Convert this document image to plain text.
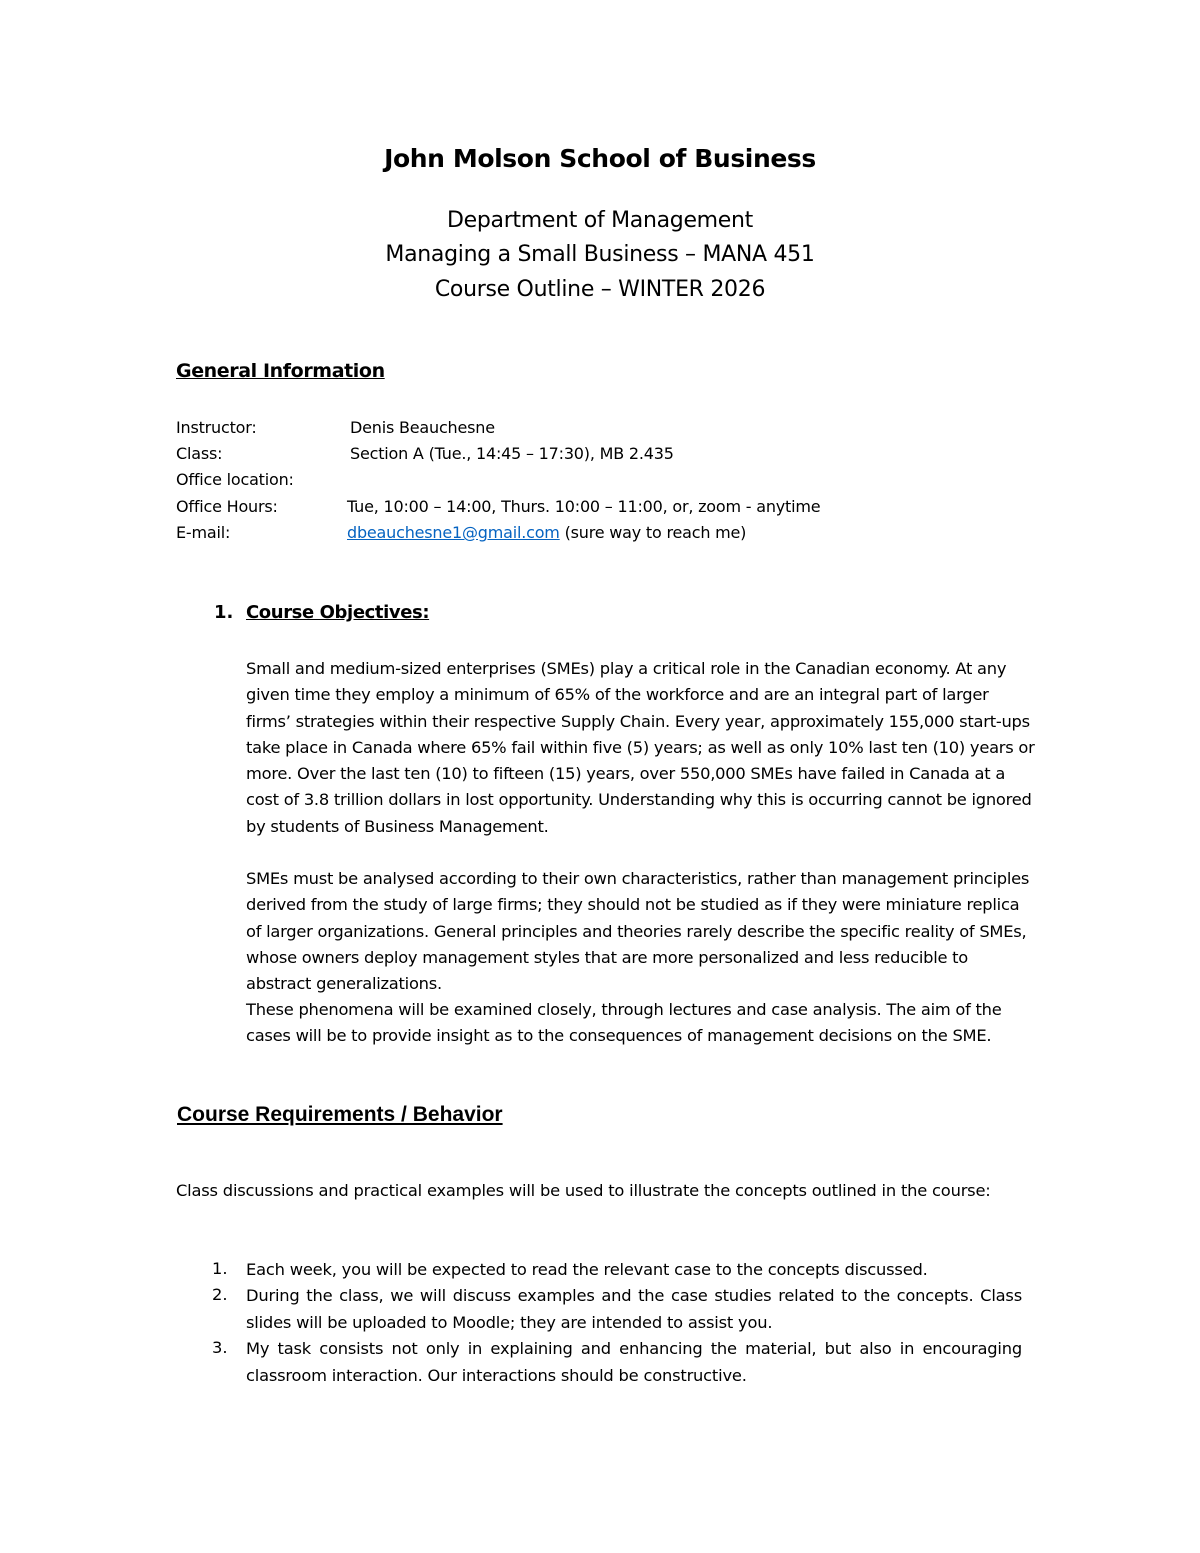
John Molson School of Business
Department of Management
Managing a Small Business – MANA 451
Course Outline – WINTER 2026
General Information
Instructor:	Denis Beauchesne
Class:	Section A (Tue., 14:45 – 17:30), MB 2.435
Office location:
Office Hours:	Tue, 10:00 – 14:00, Thurs. 10:00 – 11:00, or, zoom - anytime
E-mail:	dbeauchesne1@gmail.com (sure way to reach me)
1. Course Objectives:

Small and medium-sized enterprises (SMEs) play a critical role in the Canadian economy. At any given time they employ a minimum of 65% of the workforce and are an integral part of larger firms’ strategies within their respective Supply Chain. Every year, approximately 155,000 start-ups take place in Canada where 65% fail within five (5) years; as well as only 10% last ten (10) years or more. Over the last ten (10) to fifteen (15) years, over 550,000 SMEs have failed in Canada at a cost of 3.8 trillion dollars in lost opportunity. Understanding why this is occurring cannot be ignored by students of Business Management.

SMEs must be analysed according to their own characteristics, rather than management principles derived from the study of large firms; they should not be studied as if they were miniature replica of larger organizations. General principles and theories rarely describe the specific reality of SMEs, whose owners deploy management styles that are more personalized and less reducible to abstract generalizations.

These phenomena will be examined closely, through lectures and case analysis. The aim of the cases will be to provide insight as to the consequences of management decisions on the SME.

Course Requirements / Behavior

Class discussions and practical examples will be used to illustrate the concepts outlined in the course:

1. Each week, you will be expected to read the relevant case to the concepts discussed.

2. During the class, we will discuss examples and the case studies related to the concepts. Class slides will be uploaded to Moodle; they are intended to assist you.

3. My task consists not only in explaining and enhancing the material, but also in encouraging classroom interaction. Our interactions should be constructive.
